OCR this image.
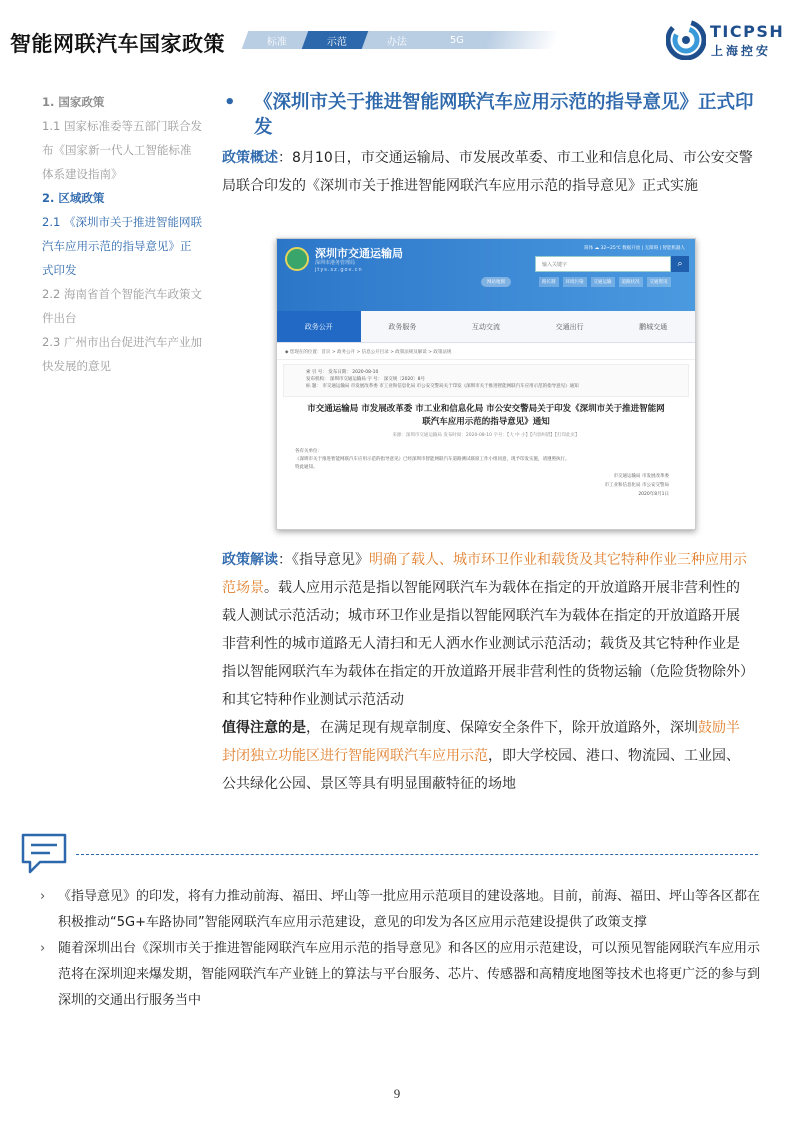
智能网联汽车国家政策	标准	示范	办法	5G	TICPSH
上海控安
1. 国家政策
1.1 国家标准委等五部门联合发布《国家新一代人工智能标准体系建设指南》
2. 区域政策
2.1 《深圳市关于推进智能网联汽车应用示范的指导意见》正式印发
2.2 海南省首个智能汽车政策文件出台
2.3 广州市出台促进汽车产业加快发展的意见
• 《深圳市关于推进智能网联汽车应用示范的指导意见》正式印发
政策概述：8月10日，市交通运输局、市发展改革委、市工业和信息化局、市公安交警局联合印发的《深圳市关于推进智能网联汽车应用示范的指导意见》正式实施
深圳市交通运输局
深圳市港务管理局
jtys.sz.gov.cn
简体 ☁ 32~25℃ 数据开放 | 无障碍 | 智能机器人
输入关键字	⌕
网站地图	路长制	环境污染	交通运输	道路状况	交通资讯
政务公开	政务服务	互动交流	交通出行	鹏城交通
◆ 您现在的位置：首页 > 政务公开 > 信息公开目录 > 政策法规及解读 > 政策法规
索 引 号： 发布日期： 2020-08-10
发布机构： 深圳市交通运输局 字 号： 深交规〔2020〕8号
标 题： 市交通运输局 市发展改革委 市工业和信息化局 市公安交警局关于印发《深圳市关于推进智能网联汽车应用示范的指导意见》通知
市交通运输局 市发展改革委 市工业和信息化局 市公安交警局关于印发《深圳市关于推进智能网联汽车应用示范的指导意见》通知
来源：深圳市交通运输局 发布时间：2020-08-10 字号：【大 中 小】【内容纠错】【打印此页】
各有关单位：
《深圳市关于推进智能网联汽车应用示范的指导意见》已经深圳市智能网联汽车道路测试联席工作小组同意，现予印发实施，请遵照执行。
特此通知。
市交通运输局 市发展改革委
市工业和信息化局 市公安交警局
2020年8月1日
政策解读：《指导意见》明确了载人、城市环卫作业和载货及其它特种作业三种应用示范场景。载人应用示范是指以智能网联汽车为载体在指定的开放道路开展非营利性的载人测试示范活动；城市环卫作业是指以智能网联汽车为载体在指定的开放道路开展非营利性的城市道路无人清扫和无人洒水作业测试示范活动；载货及其它特种作业是指以智能网联汽车为载体在指定的开放道路开展非营利性的货物运输（危险货物除外）和其它特种作业测试示范活动
值得注意的是，在满足现有规章制度、保障安全条件下，除开放道路外，深圳鼓励半封闭独立功能区进行智能网联汽车应用示范，即大学校园、港口、物流园、工业园、公共绿化公园、景区等具有明显围蔽特征的场地
› 《指导意见》的印发，将有力推动前海、福田、坪山等一批应用示范项目的建设落地。目前，前海、福田、坪山等各区都在积极推动“5G+车路协同”智能网联汽车应用示范建设，意见的印发为各区应用示范建设提供了政策支撑
› 随着深圳出台《深圳市关于推进智能网联汽车应用示范的指导意见》和各区的应用示范建设，可以预见智能网联汽车应用示范将在深圳迎来爆发期，智能网联汽车产业链上的算法与平台服务、芯片、传感器和高精度地图等技术也将更广泛的参与到深圳的交通出行服务当中
9
